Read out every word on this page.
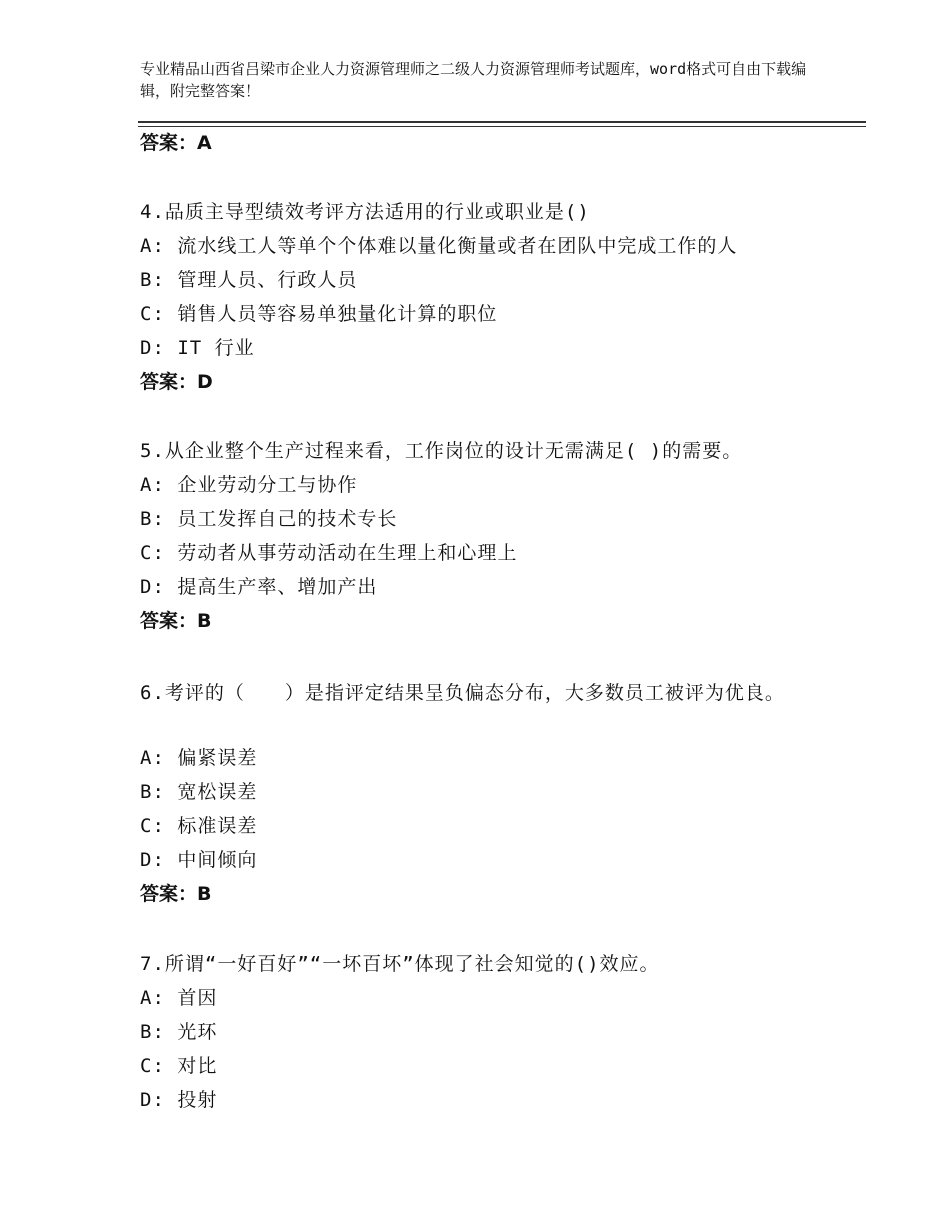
专业精品山西省吕梁市企业人力资源管理师之二级人力资源管理师考试题库，word格式可自由下载编辑，附完整答案！
答案：A
4.品质主导型绩效考评方法适用的行业或职业是()
A: 流水线工人等单个个体难以量化衡量或者在团队中完成工作的人
B: 管理人员、行政人员
C: 销售人员等容易单独量化计算的职位
D: IT 行业
答案：D
5.从企业整个生产过程来看，工作岗位的设计无需满足( )的需要。
A: 企业劳动分工与协作
B: 员工发挥自己的技术专长
C: 劳动者从事劳动活动在生理上和心理上
D: 提高生产率、增加产出
答案：B
6.考评的（　　）是指评定结果呈负偏态分布，大多数员工被评为优良。
A: 偏紧误差
B: 宽松误差
C: 标准误差
D: 中间倾向
答案：B
7.所谓“一好百好”“一坏百坏”体现了社会知觉的()效应。
A: 首因
B: 光环
C: 对比
D: 投射
